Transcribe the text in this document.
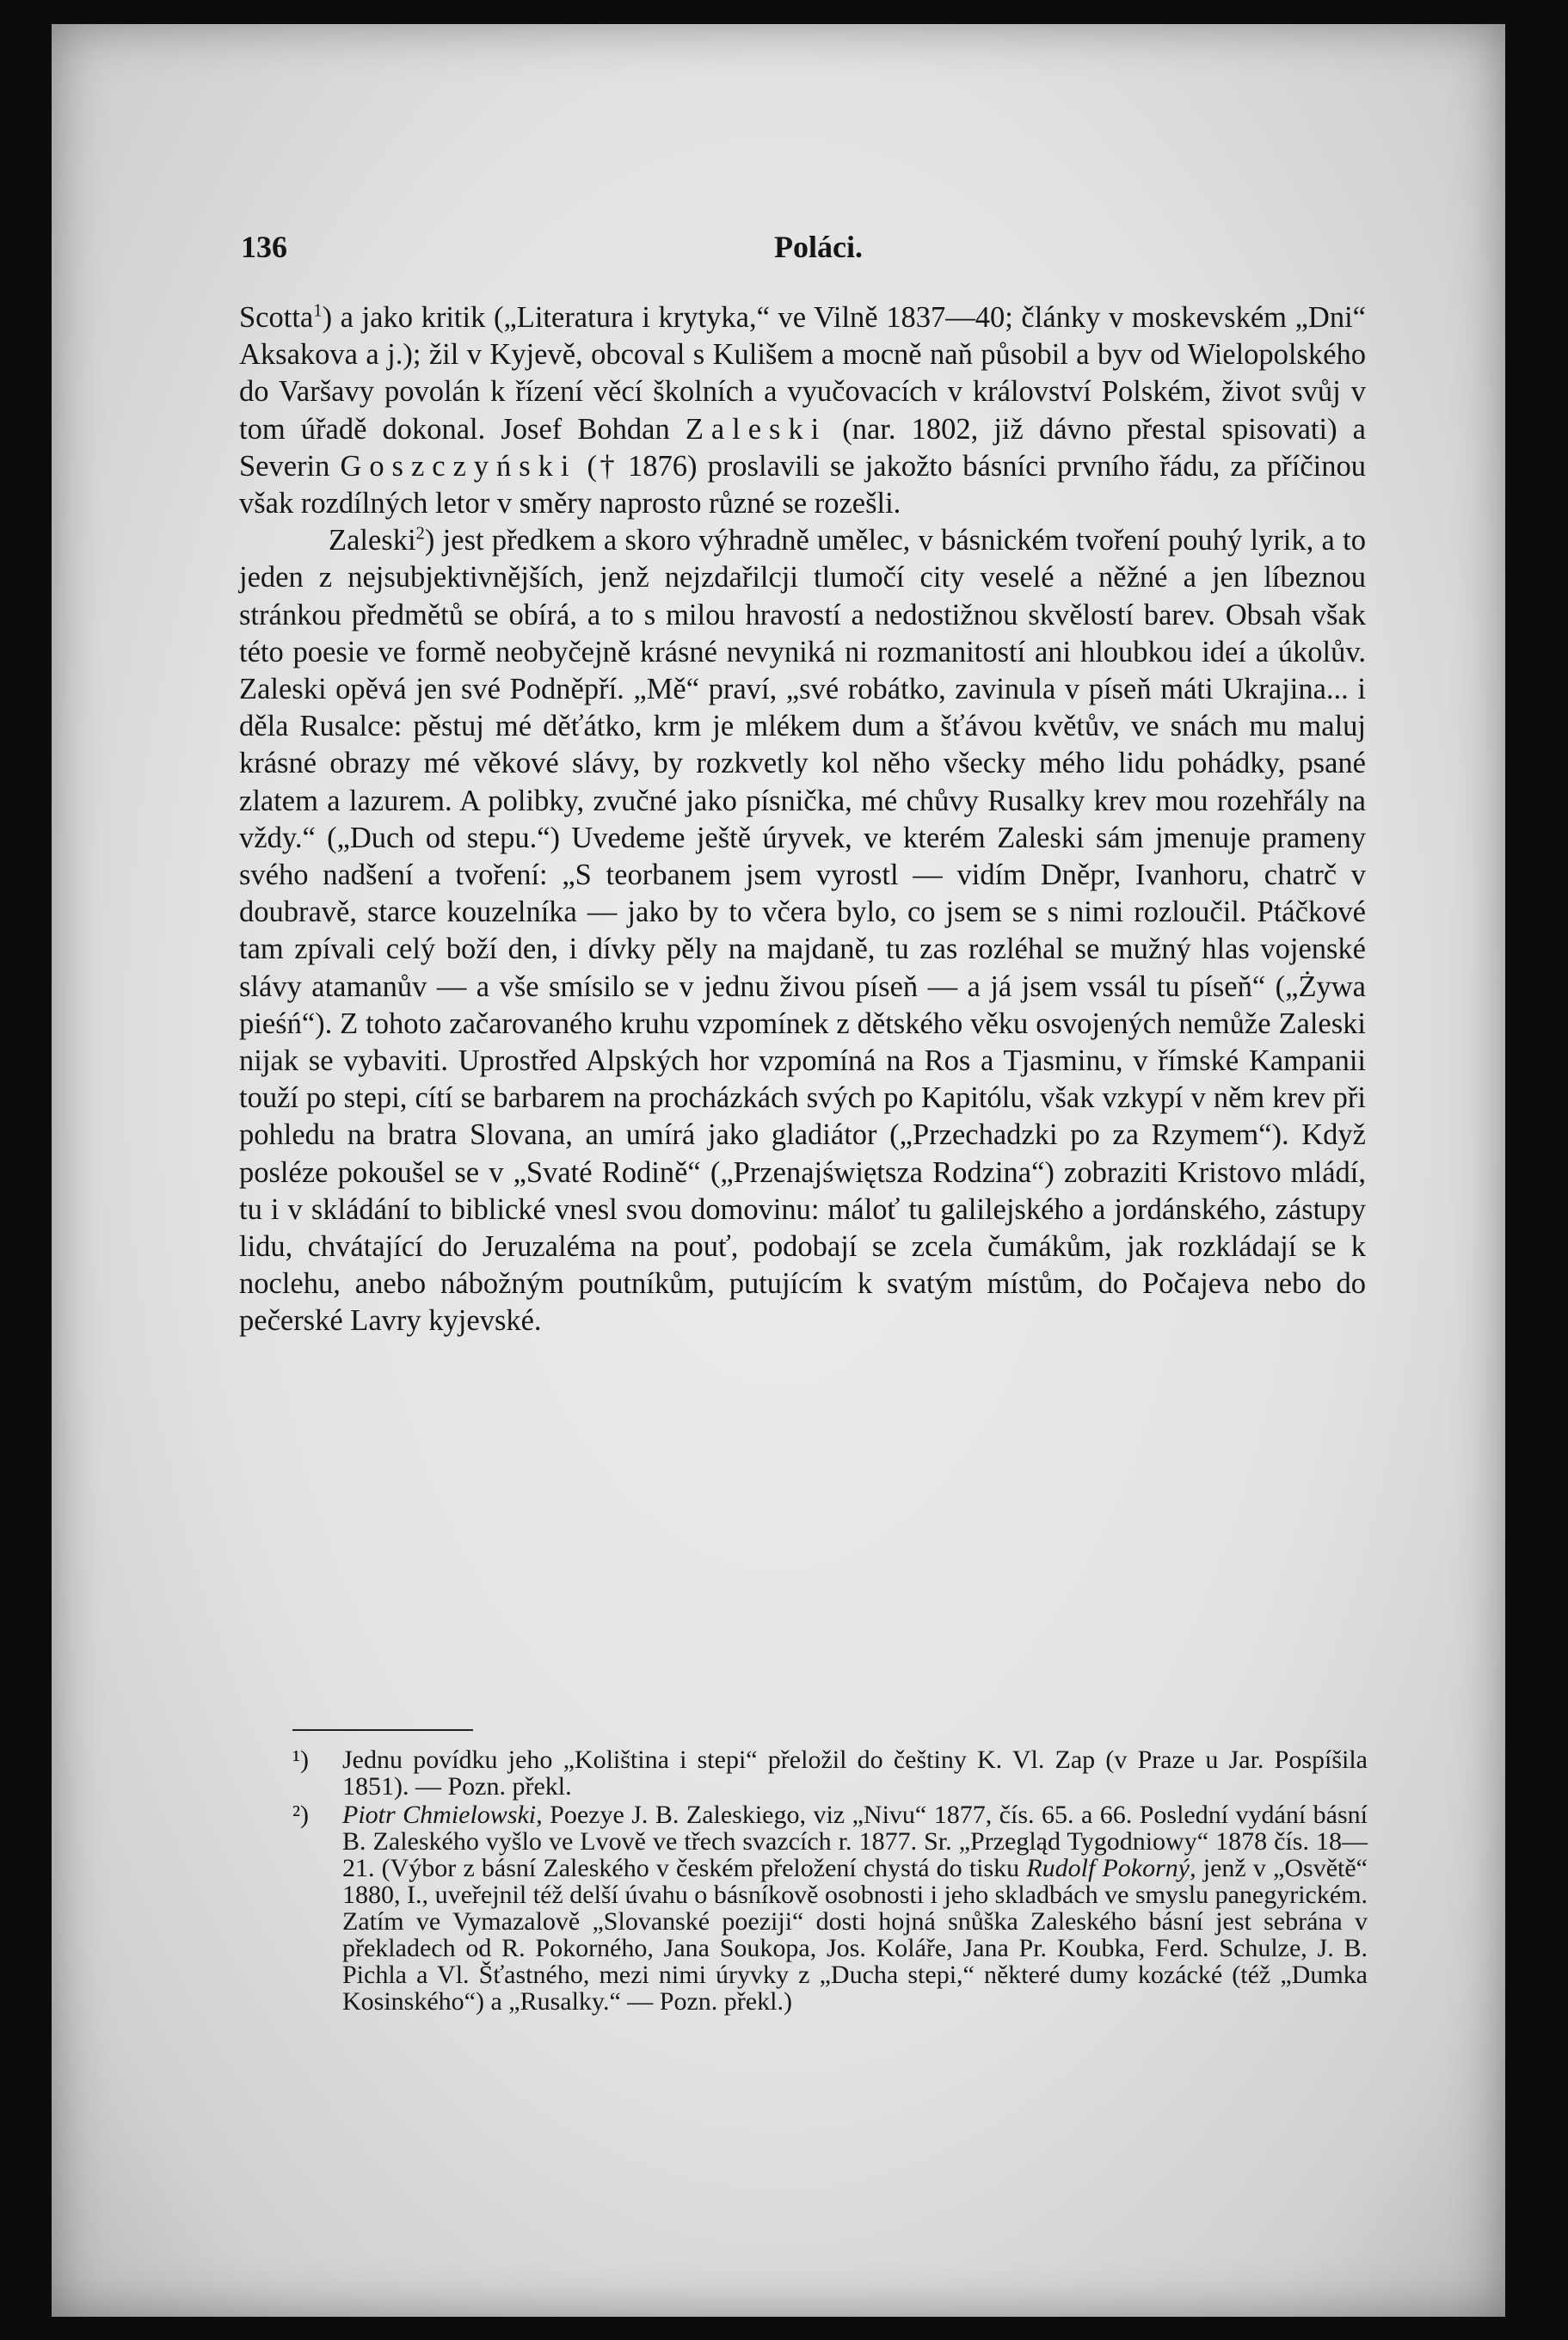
136	Poláci.

Scotta$^1$) a jako kritik („Literatura i krytyka,“ ve Vilně 1837—40; články v moskevském „Dni“ Aksakova a j.); žil v Kyjevě, obcoval s Kulišem a mocně naň působil a byv od Wielopolského do Varšavy povolán k řízení věcí školních a vyučovacích v království Polském, život svůj v tom úřadě dokonal. Josef Bohdan Zaleski (nar. 1802, již dávno přestal spisovati) a Severin Goszczyński († 1876) proslavili se jakožto básníci prvního řádu, za příčinou však rozdílných letor v směry naprosto různé se rozešli.

Zaleski$^2$) jest předkem a skoro výhradně umělec, v básnickém tvoření pouhý lyrik, a to jeden z nejsubjektivnějších, jenž nejzdařilcji tlumočí city veselé a něžné a jen líbeznou stránkou předmětů se obírá, a to s milou hravostí a nedostižnou skvělostí barev. Obsah však této poesie ve formě neobyčejně krásné nevyniká ni rozmanitostí ani hloubkou ideí a úkolův. Zaleski opěvá jen své Podněpří. „Mě“ praví, „své robátko, zavinula v píseň máti Ukrajina... i děla Rusalce: pěstuj mé děťátko, krm je mlékem dum a šťávou květův, ve snách mu maluj krásné obrazy mé věkové slávy, by rozkvetly kol něho všecky mého lidu pohádky, psané zlatem a lazurem. A polibky, zvučné jako písnička, mé chůvy Rusalky krev mou rozehřály na vždy.“ („Duch od stepu.“) Uvedeme ještě úryvek, ve kterém Zaleski sám jmenuje prameny svého nadšení a tvoření: „S teorbanem jsem vyrostl — vidím Dněpr, Ivanhoru, chatrč v doubravě, starce kouzelníka — jako by to včera bylo, co jsem se s nimi rozloučil. Ptáčkové tam zpívali celý boží den, i dívky pěly na majdaně, tu zas rozléhal se mužný hlas vojenské slávy atamanův — a vše smísilo se v jednu živou píseň — a já jsem vssál tu píseň“ („Żywa pieśń“). Z tohoto začarovaného kruhu vzpomínek z dětského věku osvojených nemůže Zaleski nijak se vybaviti. Uprostřed Alpských hor vzpomíná na Ros a Tjasminu, v římské Kampanii touží po stepi, cítí se barbarem na procházkách svých po Kapitólu, však vzkypí v něm krev při pohledu na bratra Slovana, an umírá jako gladiátor („Przechadzki po za Rzymem“). Když posléze pokoušel se v „Svaté Rodině“ („Przenajświętsza Rodzina“) zobraziti Kristovo mládí, tu i v skládání to biblické vnesl svou domovinu: máloť tu galilejského a jordánského, zástupy lidu, chvátající do Jeruzaléma na pouť, podobají se zcela čumákům, jak rozkládají se k noclehu, anebo nábožným poutníkům, putujícím k svatým místům, do Počajeva nebo do pečerské Lavry kyjevské.

¹) Jednu povídku jeho „Koliština i stepi“ přeložil do češtiny K. Vl. Zap (v Praze u Jar. Pospíšila 1851). — Pozn. překl.
²) Piotr Chmielowski, Poezye J. B. Zaleskiego, viz „Nivu“ 1877, čís. 65. a 66. Poslední vydání básní B. Zaleského vyšlo ve Lvově ve třech svazcích r. 1877. Sr. „Przegląd Tygodniowy“ 1878 čís. 18—21. (Výbor z básní Zaleského v českém přeložení chystá do tisku Rudolf Pokorný, jenž v „Osvětě“ 1880, I., uveřejnil též delší úvahu o básníkově osobnosti i jeho skladbách ve smyslu panegyrickém. Zatím ve Vymazalově „Slovanské poeziji“ dosti hojná snůška Zaleského básní jest sebrána v překladech od R. Pokorného, Jana Soukopa, Jos. Koláře, Jana Pr. Koubka, Ferd. Schulze, J. B. Pichla a Vl. Šťastného, mezi nimi úryvky z „Ducha stepi,“ některé dumy kozácké (též „Dumka Kosinského“) a „Rusalky.“ — Pozn. překl.)
